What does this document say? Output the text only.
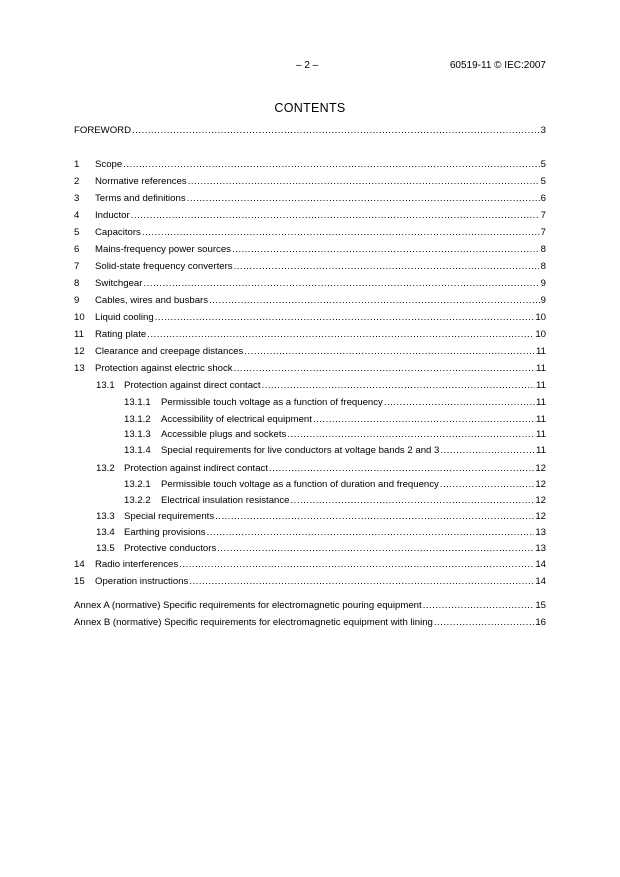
– 2 –	60519-11 © IEC:2007
CONTENTS
FOREWORD .....	3
1	Scope .....	5
2	Normative references .....	5
3	Terms and definitions .....	6
4	Inductor .....	7
5	Capacitors .....	7
6	Mains-frequency power sources .....	8
7	Solid-state frequency converters .....	8
8	Switchgear .....	9
9	Cables, wires and busbars .....	9
10	Liquid cooling .....	10
11	Rating plate .....	10
12	Clearance and creepage distances .....	11
13	Protection against electric shock .....	11
13.1 Protection against direct contact .....	11
13.1.1	Permissible touch voltage as a function of frequency .....	11
13.1.2	Accessibility of electrical equipment .....	11
13.1.3	Accessible plugs and sockets .....	11
13.1.4	Special requirements for live conductors at voltage bands 2 and 3 .....	11
13.2 Protection against indirect contact .....	12
13.2.1	Permissible touch voltage as a function of duration and frequency .....	12
13.2.2	Electrical insulation resistance .....	12
13.3 Special requirements .....	12
13.4 Earthing provisions .....	13
13.5 Protective conductors .....	13
14	Radio interferences .....	14
15	Operation instructions .....	14
Annex A (normative) Specific requirements for electromagnetic pouring equipment .....	15
Annex B (normative) Specific requirements for electromagnetic equipment with lining .....	16
